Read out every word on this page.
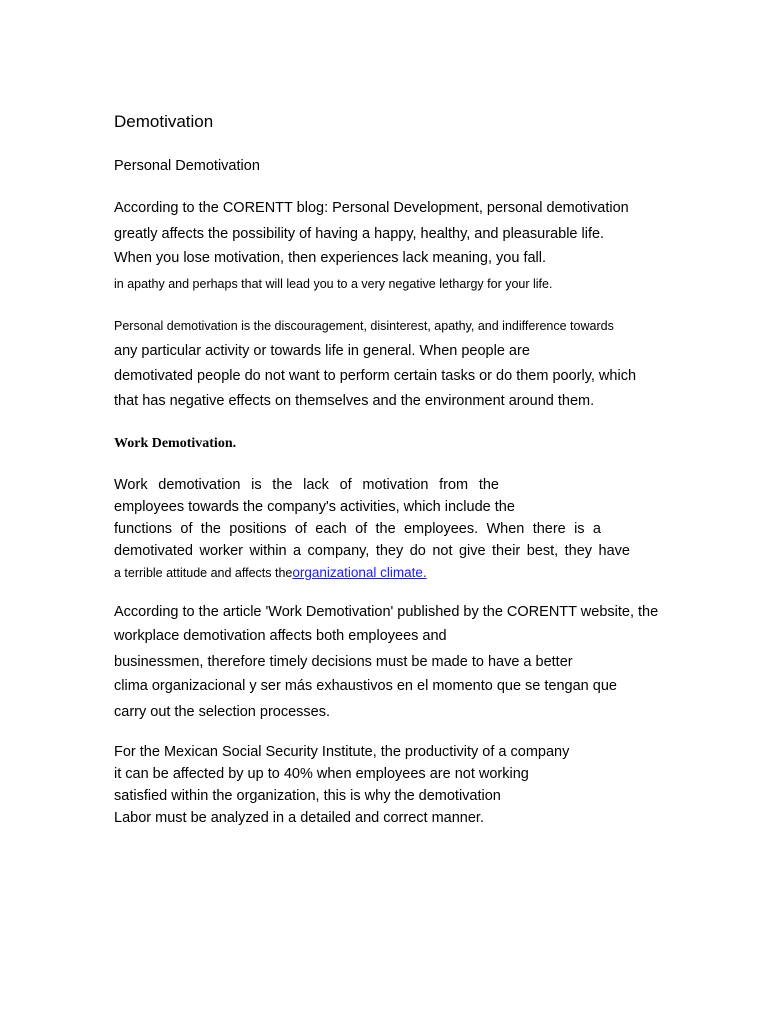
Demotivation
Personal Demotivation
According to the CORENTT blog: Personal Development, personal demotivation
greatly affects the possibility of having a happy, healthy, and pleasurable life.
When you lose motivation, then experiences lack meaning, you fall.
in apathy and perhaps that will lead you to a very negative lethargy for your life.
Personal demotivation is the discouragement, disinterest, apathy, and indifference towards
any particular activity or towards life in general. When people are
demotivated people do not want to perform certain tasks or do them poorly, which
that has negative effects on themselves and the environment around them.
Work Demotivation.
Work demotivation is the lack of motivation from the
employees towards the company's activities, which include the
functions of the positions of each of the employees. When there is a
demotivated worker within a company, they do not give their best, they have
a terrible attitude and affects theorganizational climate.
According to the article 'Work Demotivation' published by the CORENTT website, the
workplace demotivation affects both employees and
businessmen, therefore timely decisions must be made to have a better
clima organizacional y ser más exhaustivos en el momento que se tengan que
carry out the selection processes.
For the Mexican Social Security Institute, the productivity of a company
it can be affected by up to 40% when employees are not working
satisfied within the organization, this is why the demotivation
Labor must be analyzed in a detailed and correct manner.
